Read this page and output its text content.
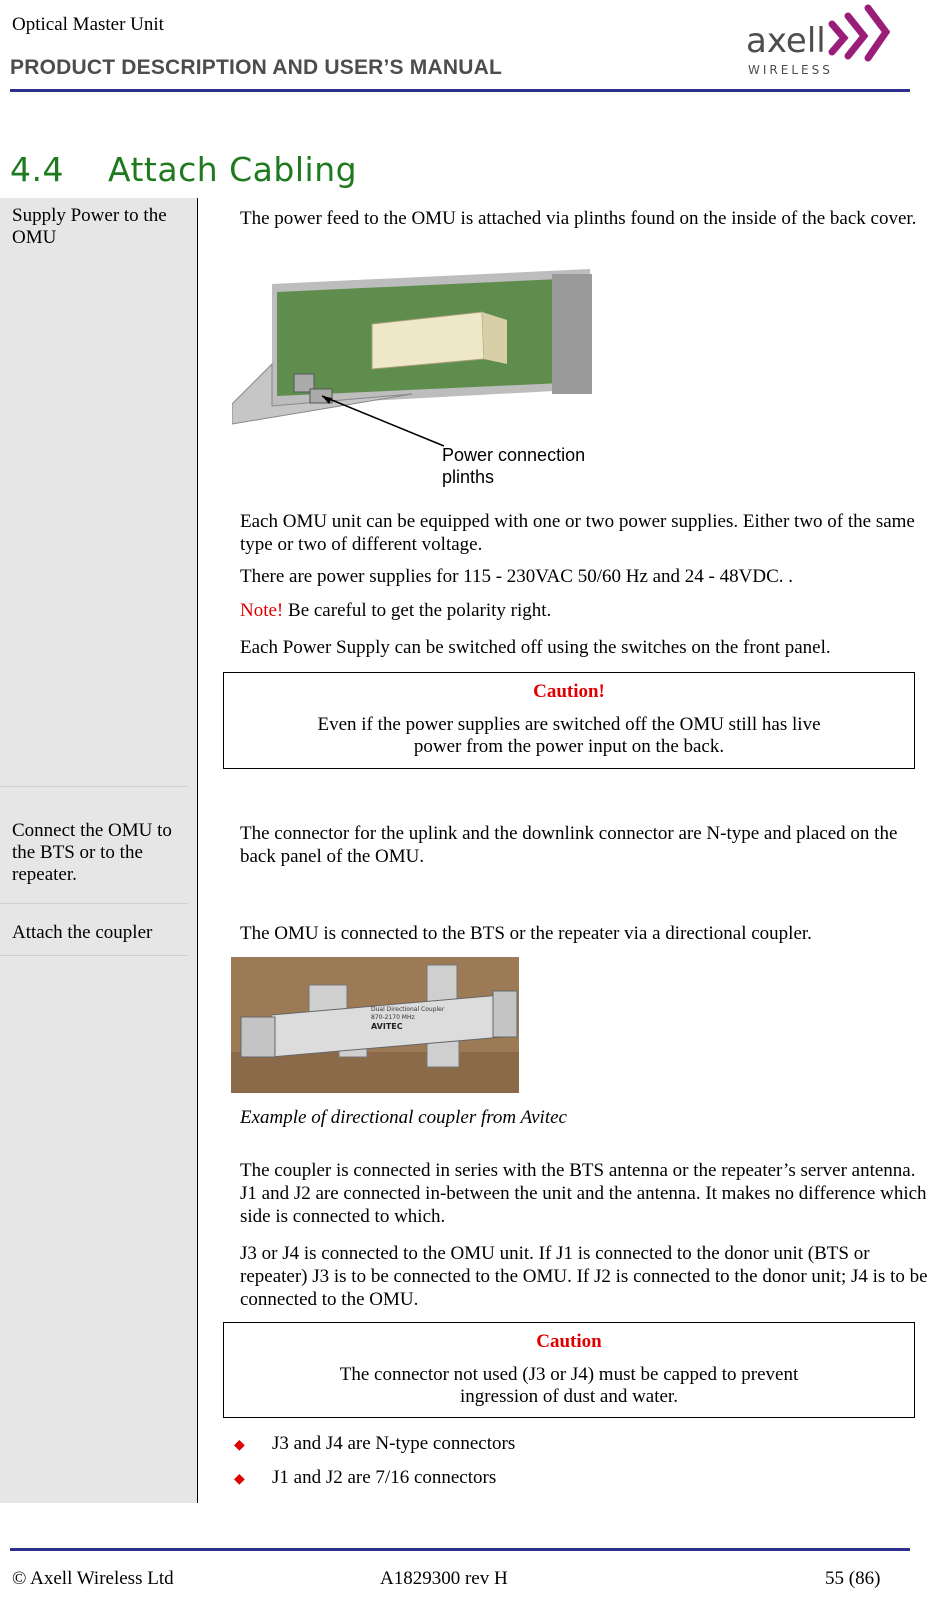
Optical Master Unit
PRODUCT DESCRIPTION AND USER’S MANUAL
axell
WIRELESS
4.4 Attach Cabling
Supply Power to the OMU
The power feed to the OMU is attached via plinths found on the inside of the back cover.
Power connection
plinths
Each OMU unit can be equipped with one or two power supplies. Either two of the same type or two of different voltage.
There are power supplies for 115 - 230VAC 50/60 Hz and 24 - 48VDC. .
Note! Be careful to get the polarity right.
Each Power Supply can be switched off using the switches on the front panel.
Caution!
Even if the power supplies are switched off the OMU still has live
power from the power input on the back.
Connect the OMU to the BTS or to the repeater.
The connector for the uplink and the downlink connector are N-type and placed on the back panel of the OMU.
Attach the coupler	The OMU is connected to the BTS or the repeater via a directional coupler.
Dual Directional Coupler
870-2170 MHz
AVITEC
Example of directional coupler from Avitec
The coupler is connected in series with the BTS antenna or the repeater’s server antenna. J1 and J2 are connected in-between the unit and the antenna. It makes no difference which side is connected to which.
J3 or J4 is connected to the OMU unit. If J1 is connected to the donor unit (BTS or repeater) J3 is to be connected to the OMU. If J2 is connected to the donor unit; J4 is to be connected to the OMU.
Caution
The connector not used (J3 or J4) must be capped to prevent
ingression of dust and water.
◆ J3 and J4 are N-type connectors
◆ J1 and J2 are 7/16 connectors
© Axell Wireless Ltd	A1829300 rev H	55 (86)
